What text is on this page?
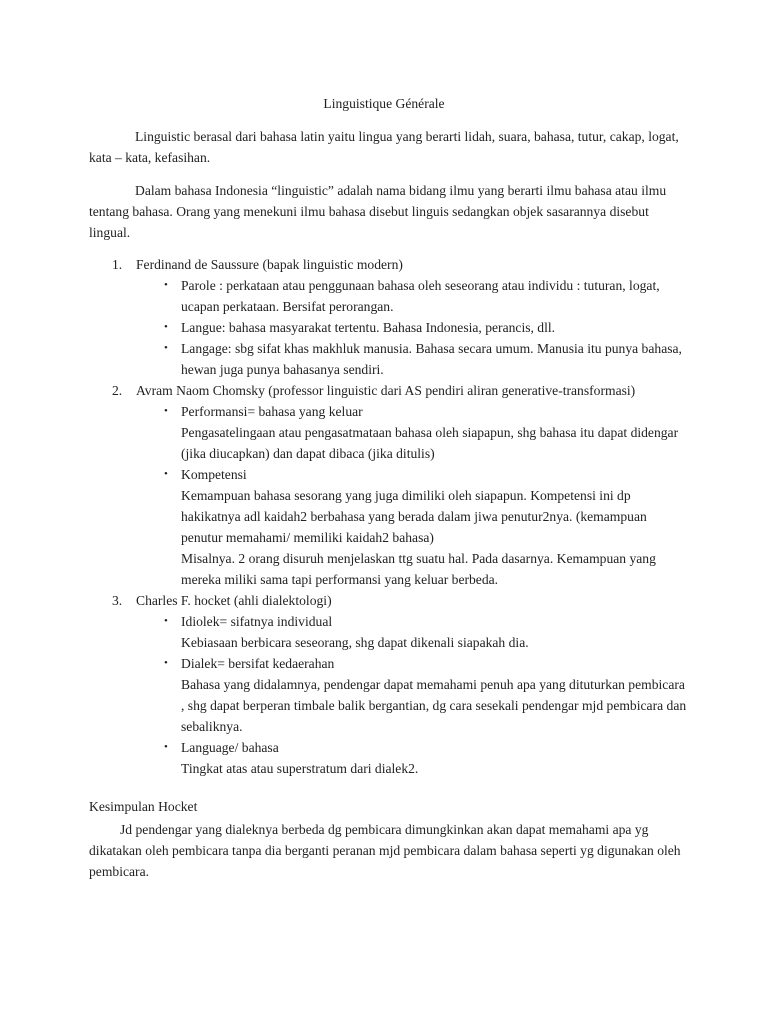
Linguistique Générale
Linguistic berasal dari bahasa latin yaitu lingua yang berarti lidah, suara, bahasa, tutur, cakap, logat, kata – kata, kefasihan.
Dalam bahasa Indonesia “linguistic” adalah nama bidang ilmu yang berarti ilmu bahasa atau ilmu tentang bahasa. Orang yang menekuni ilmu bahasa disebut linguis sedangkan objek sasarannya disebut lingual.
1. Ferdinand de Saussure (bapak linguistic modern)
• Parole : perkataan atau penggunaan bahasa oleh seseorang atau individu : tuturan, logat, ucapan perkataan. Bersifat perorangan.
• Langue: bahasa masyarakat tertentu. Bahasa Indonesia, perancis, dll.
• Langage: sbg sifat khas makhluk manusia. Bahasa secara umum. Manusia itu punya bahasa, hewan juga punya bahasanya sendiri.
2. Avram Naom Chomsky (professor linguistic dari AS pendiri aliran generative-transformasi)
• Performansi= bahasa yang keluar
Pengasatelingaan atau pengasatmataan bahasa oleh siapapun, shg bahasa itu dapat didengar (jika diucapkan) dan dapat dibaca (jika ditulis)
• Kompetensi
Kemampuan bahasa sesorang yang juga dimiliki oleh siapapun. Kompetensi ini dp hakikatnya adl kaidah2 berbahasa yang berada dalam jiwa penutur2nya. (kemampuan penutur memahami/ memiliki kaidah2 bahasa)
Misalnya. 2 orang disuruh menjelaskan ttg suatu hal. Pada dasarnya. Kemampuan yang mereka miliki sama tapi performansi yang keluar berbeda.
3. Charles F. hocket (ahli dialektologi)
• Idiolek= sifatnya individual
Kebiasaan berbicara seseorang, shg dapat dikenali siapakah dia.
• Dialek= bersifat kedaerahan
Bahasa yang didalamnya, pendengar dapat memahami penuh apa yang dituturkan pembicara , shg dapat berperan timbale balik bergantian, dg cara sesekali pendengar mjd pembicara dan sebaliknya.
• Language/ bahasa
Tingkat atas atau superstratum dari dialek2.
Kesimpulan Hocket
Jd pendengar yang dialeknya berbeda dg pembicara dimungkinkan akan dapat memahami apa yg dikatakan oleh pembicara tanpa dia berganti peranan mjd pembicara dalam bahasa seperti yg digunakan oleh pembicara.
